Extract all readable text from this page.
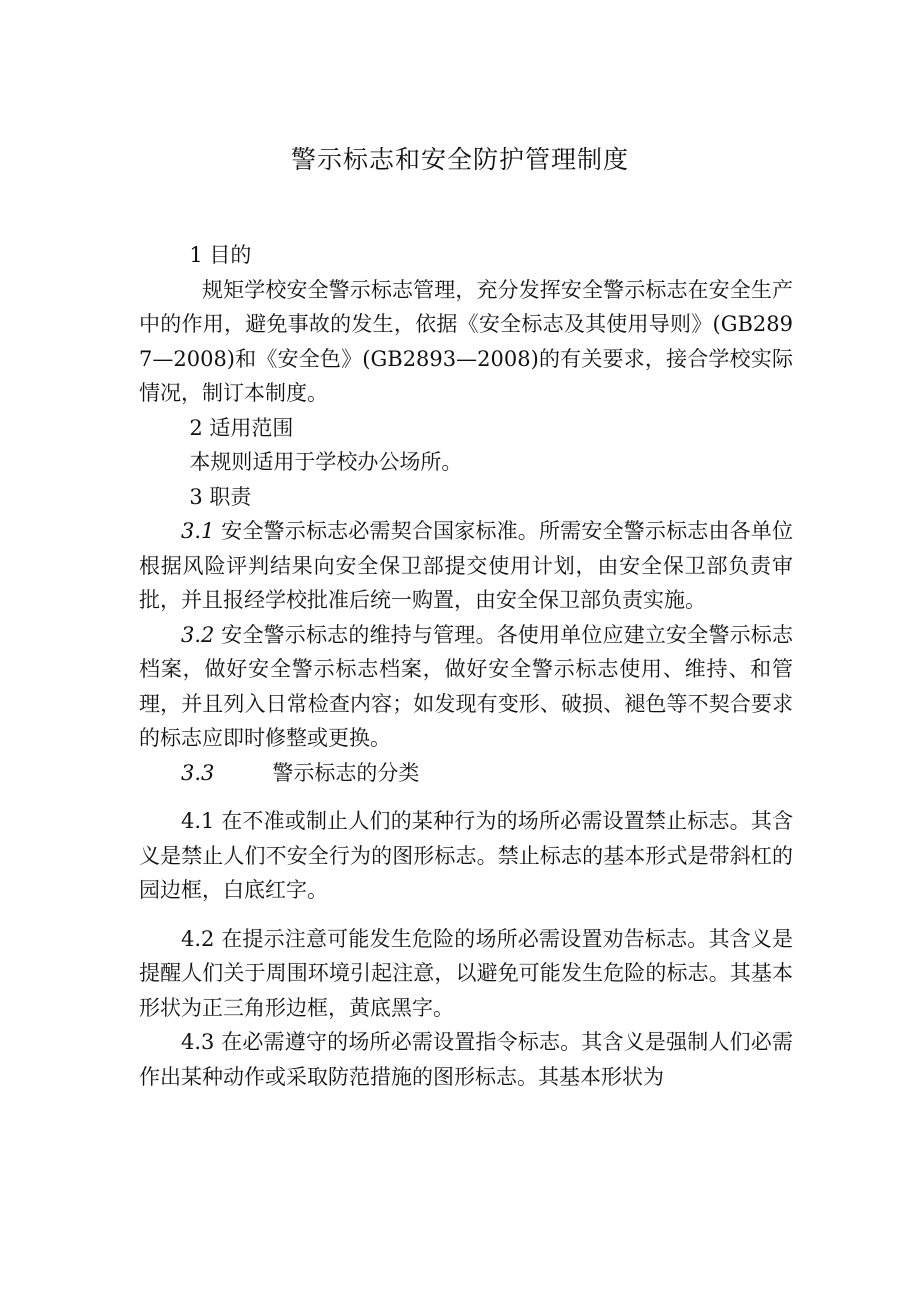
警示标志和安全防护管理制度

1 目的

规矩学校安全警示标志管理，充分发挥安全警示标志在安全生产中的作用，避免事故的发生，依据《安全标志及其使用导则》(GB2897—2008)和《安全色》(GB2893—2008)的有关要求，接合学校实际情况，制订本制度。

2 适用范围

本规则适用于学校办公场所。

3 职责

3.1 安全警示标志必需契合国家标准。所需安全警示标志由各单位根据风险评判结果向安全保卫部提交使用计划，由安全保卫部负责审批，并且报经学校批准后统一购置，由安全保卫部负责实施。

3.2 安全警示标志的维持与管理。各使用单位应建立安全警示标志档案，做好安全警示标志档案，做好安全警示标志使用、维持、和管理，并且列入日常检查内容；如发现有变形、破损、褪色等不契合要求的标志应即时修整或更换。

3.3	警示标志的分类

4.1 在不准或制止人们的某种行为的场所必需设置禁止标志。其含义是禁止人们不安全行为的图形标志。禁止标志的基本形式是带斜杠的园边框，白底红字。

4.2 在提示注意可能发生危险的场所必需设置劝告标志。其含义是提醒人们关于周围环境引起注意，以避免可能发生危险的标志。其基本形状为正三角形边框，黄底黑字。

4.3 在必需遵守的场所必需设置指令标志。其含义是强制人们必需作出某种动作或采取防范措施的图形标志。其基本形状为
